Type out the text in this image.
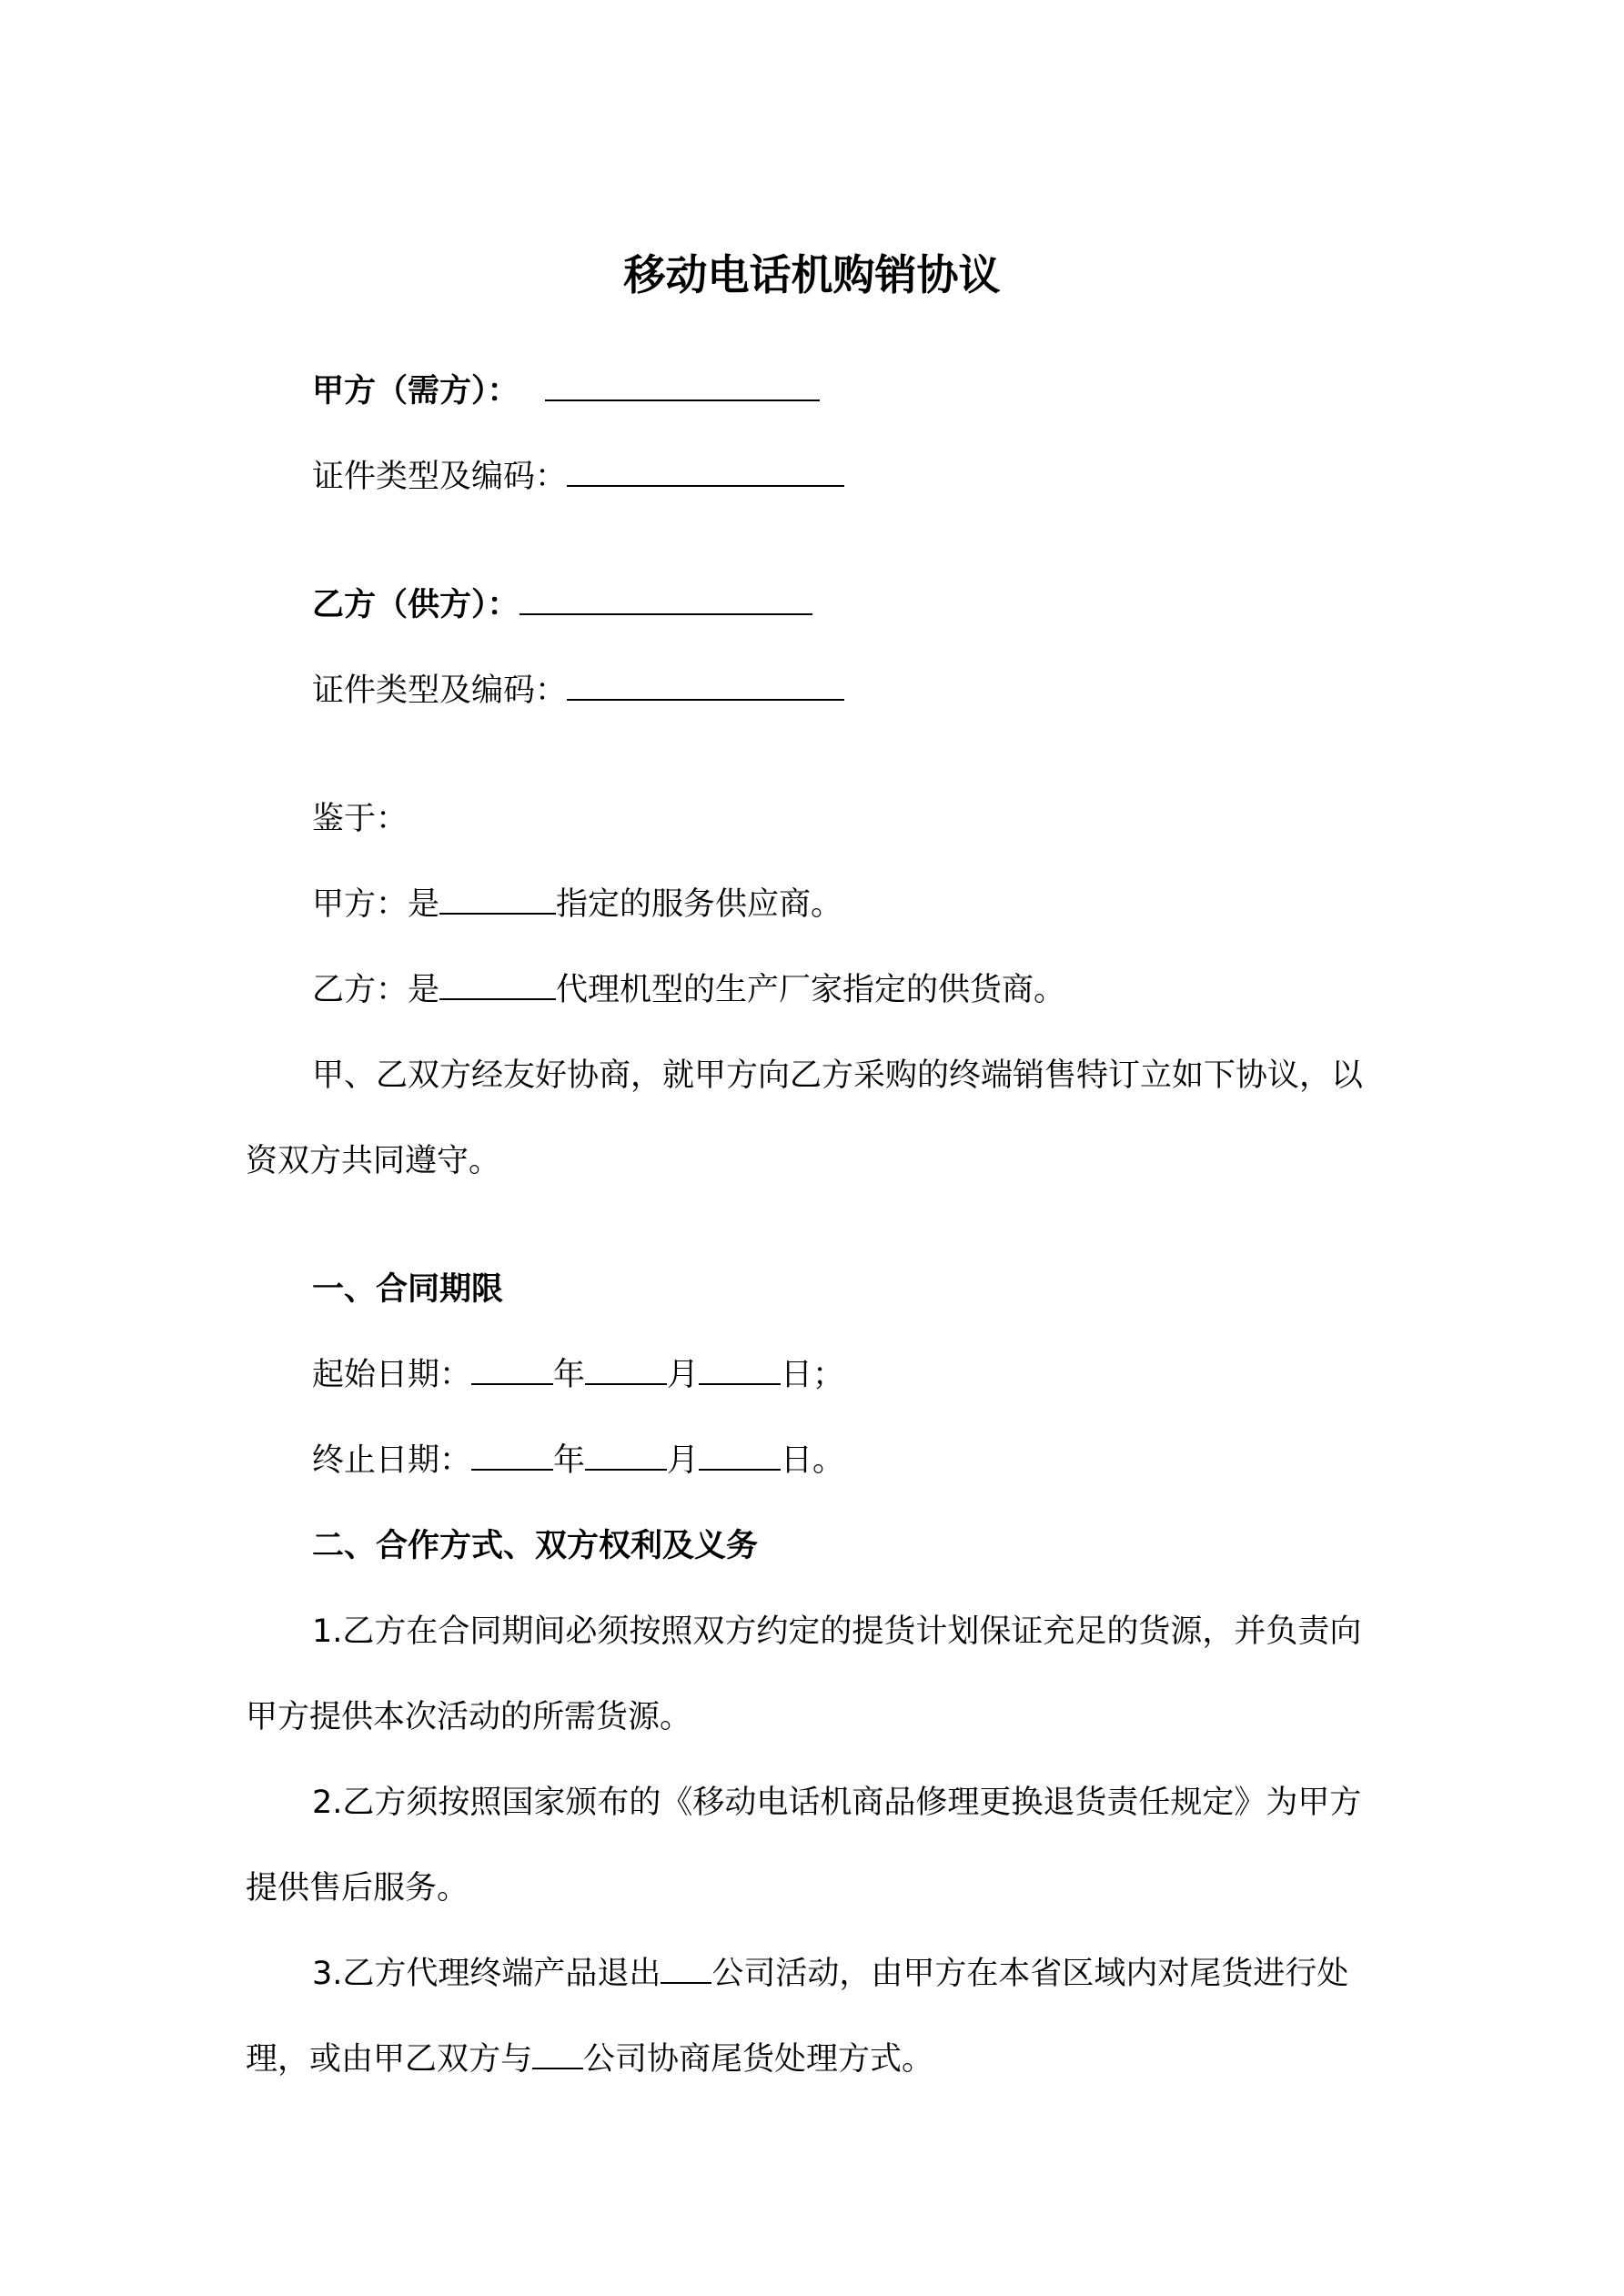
移动电话机购销协议
甲方（需方）：
证件类型及编码：
乙方（供方）：
证件类型及编码：
鉴于：
甲方：是	指定的服务供应商。
乙方：是	代理机型的生产厂家指定的供货商。
甲、乙双方经友好协商，就甲方向乙方采购的终端销售特订立如下协议，以
资双方共同遵守。
一、合同期限
起始日期：	年	月	日；
终止日期：	年	月	日。
二、合作方式、双方权利及义务
1.乙方在合同期间必须按照双方约定的提货计划保证充足的货源，并负责向
甲方提供本次活动的所需货源。
2.乙方须按照国家颁布的《移动电话机商品修理更换退货责任规定》为甲方
提供售后服务。
3.乙方代理终端产品退出 公司活动，由甲方在本省区域内对尾货进行处
理，或由甲乙双方与 公司协商尾货处理方式。
